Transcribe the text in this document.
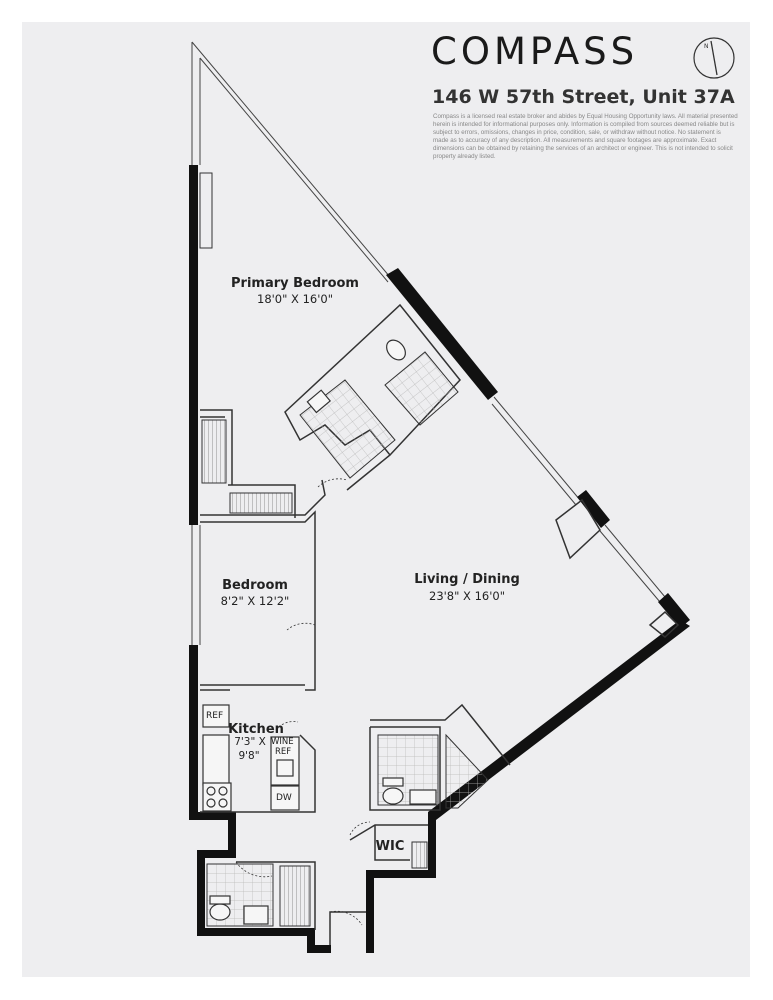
N
COMPASS
146 W 57th Street, Unit 37A
Compass is a licensed real estate broker and abides by Equal Housing Opportunity laws. All material presented herein is intended for informational purposes only. Information is compiled from sources deemed reliable but is subject to errors, omissions, changes in price, condition, sale, or withdraw without notice. No statement is made as to accuracy of any description. All measurements and square footages are approximate. Exact dimensions can be obtained by retaining the services of an architect or engineer. This is not intended to solicit property already listed.
Primary Bedroom
18'0" X 16'0"
Bedroom
8'2" X 12'2"
Living / Dining
23'8" X 16'0"
Kitchen
7'3" X
9'8"
WIC
REF
WINE
REF
DW
